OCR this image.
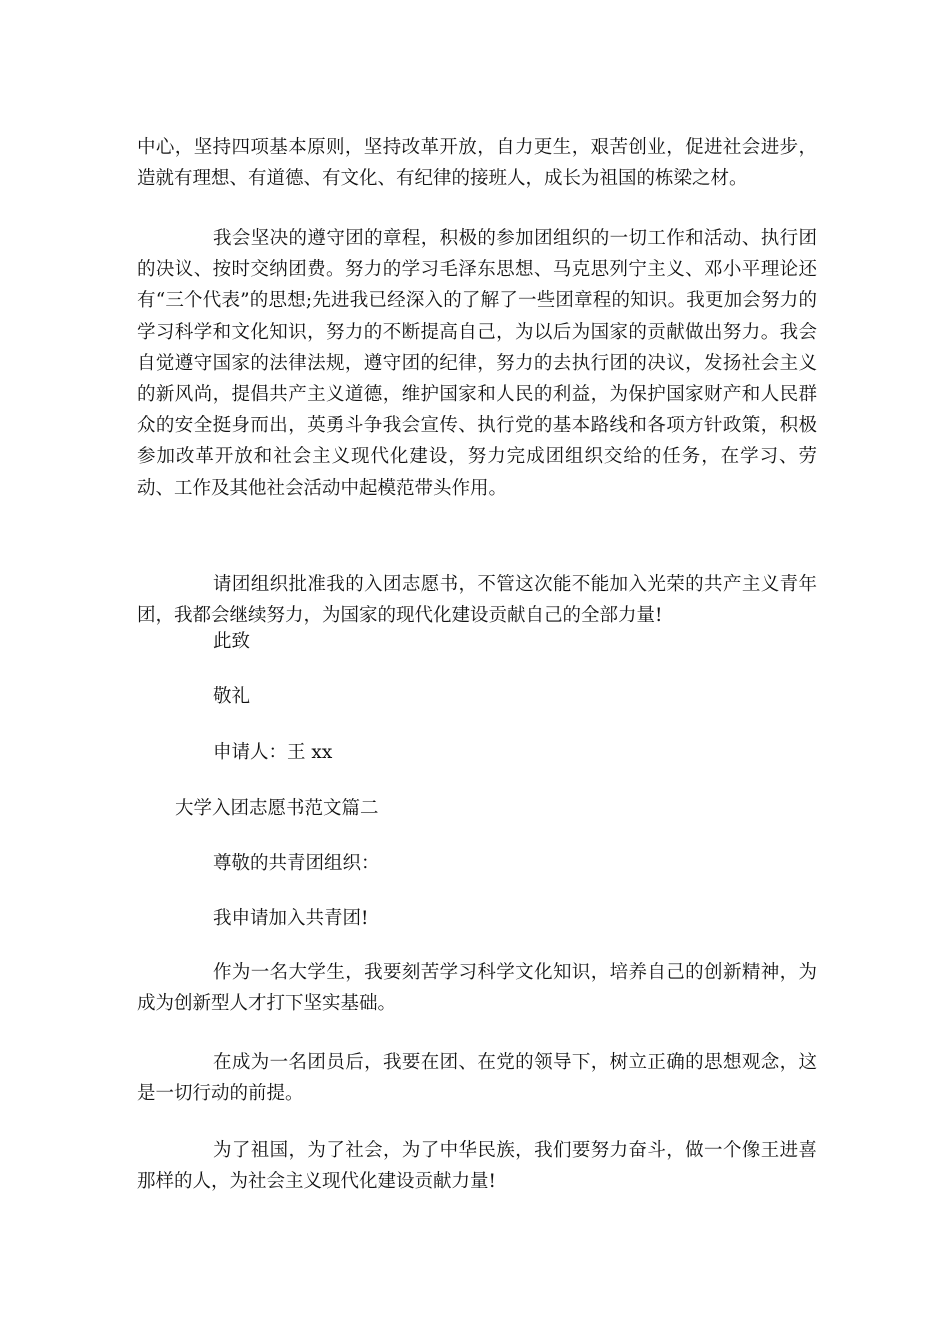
中心，坚持四项基本原则，坚持改革开放，自力更生，艰苦创业，促进社会进步，造就有理想、有道德、有文化、有纪律的接班人，成长为祖国的栋梁之材。

我会坚决的遵守团的章程，积极的参加团组织的一切工作和活动、执行团的决议、按时交纳团费。努力的学习毛泽东思想、马克思列宁主义、邓小平理论还有“三个代表”的思想;先进我已经深入的了解了一些团章程的知识。我更加会努力的学习科学和文化知识，努力的不断提高自己，为以后为国家的贡献做出努力。我会自觉遵守国家的法律法规，遵守团的纪律，努力的去执行团的决议，发扬社会主义的新风尚，提倡共产主义道德，维护国家和人民的利益，为保护国家财产和人民群众的安全挺身而出，英勇斗争我会宣传、执行党的基本路线和各项方针政策，积极参加改革开放和社会主义现代化建设，努力完成团组织交给的任务，在学习、劳动、工作及其他社会活动中起模范带头作用。

请团组织批准我的入团志愿书，不管这次能不能加入光荣的共产主义青年团，我都会继续努力，为国家的现代化建设贡献自己的全部力量!

此致

敬礼

申请人：王 xx

大学入团志愿书范文篇二

尊敬的共青团组织：

我申请加入共青团!

作为一名大学生，我要刻苦学习科学文化知识，培养自己的创新精神，为成为创新型人才打下坚实基础。

在成为一名团员后，我要在团、在党的领导下，树立正确的思想观念，这是一切行动的前提。

为了祖国，为了社会，为了中华民族，我们要努力奋斗，做一个像王进喜那样的人，为社会主义现代化建设贡献力量!
